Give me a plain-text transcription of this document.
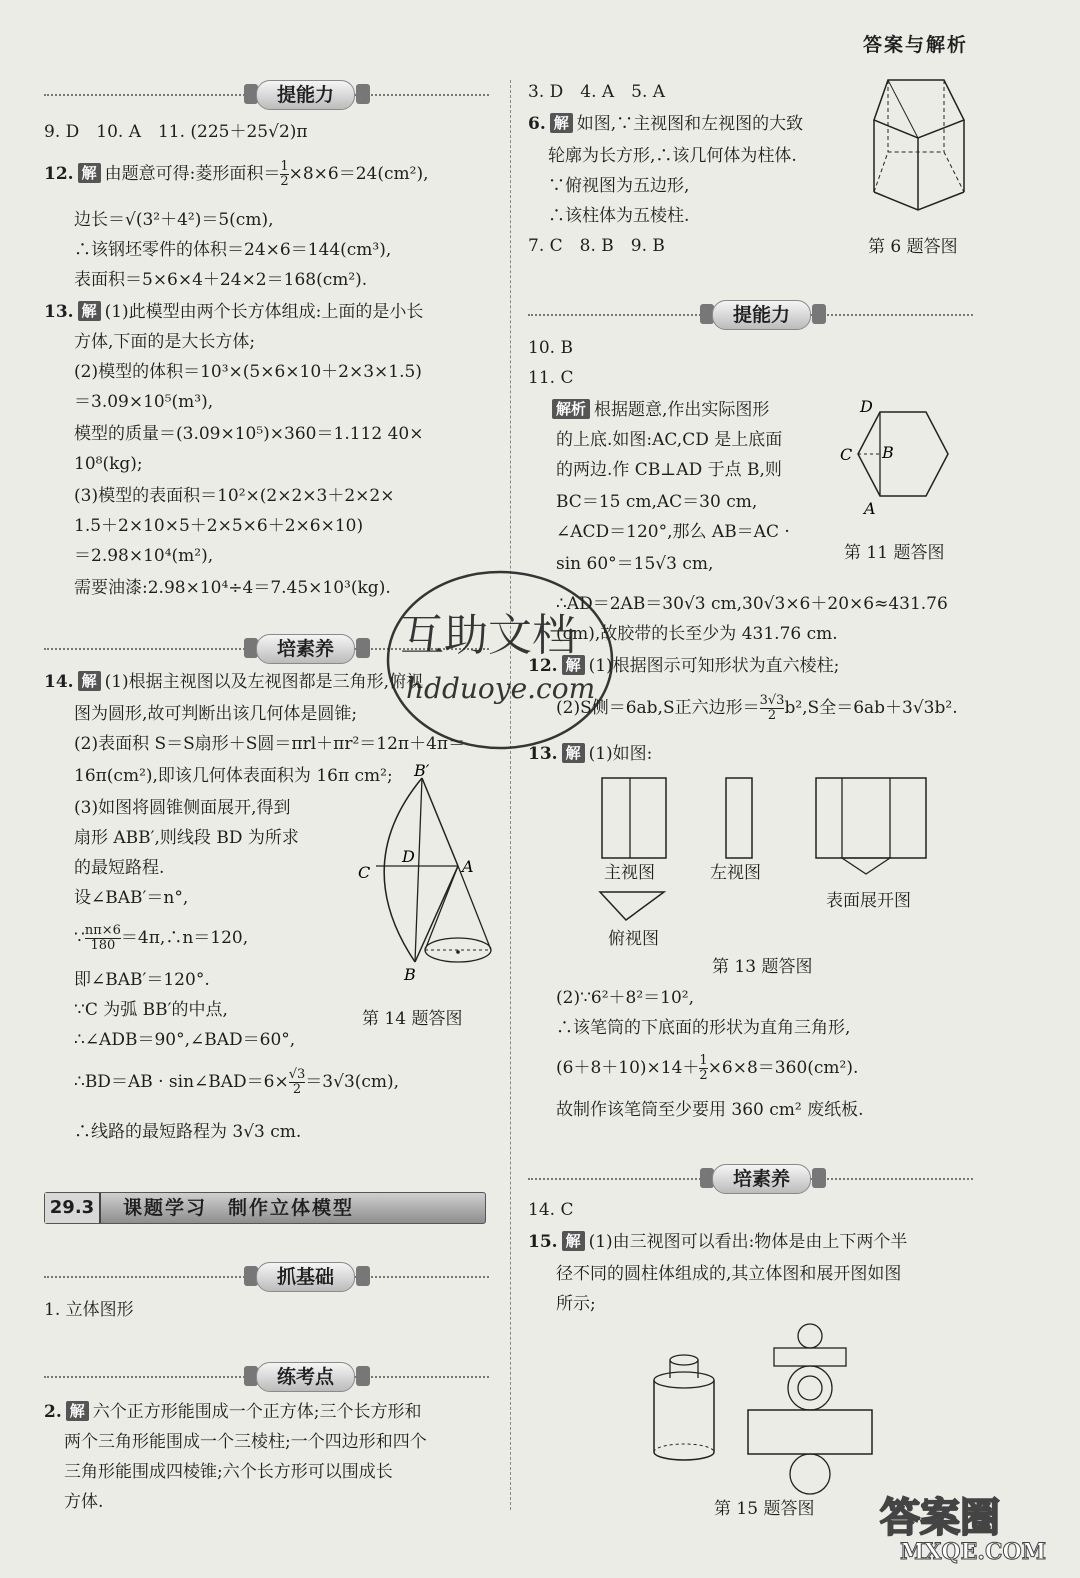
答案与解析
提能力
9. D　10. A　11. (225＋25√2)π
12. 解 由题意可得:菱形面积＝ $\frac{1}{2} \times 8\times 6=24(cm^2)$,
边长＝√(3²＋4²)＝5(cm),
∴该钢坯零件的体积＝24×6＝144(cm³),
表面积＝5×6×4＋24×2＝168(cm²).
13. 解 (1)此模型由两个长方体组成:上面的是小长
方体,下面的是大长方体;
(2)模型的体积＝10³×(5×6×10＋2×3×1.5)
＝3.09×10⁵(m³),
模型的质量＝(3.09×10⁵)×360＝1.112 40×
10⁸(kg);
(3)模型的表面积＝10²×(2×2×3＋2×2×
1.5＋2×10×5＋2×5×6＋2×6×10)
＝2.98×10⁴(m²),
需要油漆:2.98×10⁴÷4＝7.45×10³(kg).
培素养
14. 解 (1)根据主视图以及左视图都是三角形,俯视
图为圆形,故可判断出该几何体是圆锥;
(2)表面积 S＝S扇形＋S圆＝πrl＋πr²＝12π＋4π＝
16π(cm²),即该几何体表面积为 16π cm²;
(3)如图将圆锥侧面展开,得到
扇形 ABB′,则线段 BD 为所求
的最短路程.
设∠BAB′＝n°,
∵ $\frac{n\pi\times 6}{180}$ ＝4π,∴n＝120,
即∠BAB′＝120°.
∵C 为弧 BB′的中点,
∴∠ADB＝90°,∠BAD＝60°,
∴BD＝AB · sin∠BAD＝6× $\frac{√3}{2} =3√3(cm)$,
∴线路的最短路程为 3√3 cm.
B′
C
D
A
B
第 14 题答图
29.3	课题学习　制作立体模型
抓基础
1. 立体图形
练考点
2. 解 六个正方形能围成一个正方体;三个长方形和
两个三角形能围成一个三棱柱;一个四边形和四个
三角形能围成四棱锥;六个长方形可以围成长
方体.
3. D　4. A　5. A
6. 解 如图,∵主视图和左视图的大致
轮廓为长方形,∴该几何体为柱体.
∵俯视图为五边形,
∴该柱体为五棱柱.
7. C　8. B　9. B	第 6 题答图
提能力
10. B
11. C
解析 根据题意,作出实际图形
的上底.如图:AC,CD 是上底面
的两边.作 CB⊥AD 于点 B,则
BC＝15 cm,AC＝30 cm,
∠ACD＝120°,那么 AB＝AC ·
sin 60°＝15√3 cm,
∴AD＝2AB＝30√3 cm,30√3×6＋20×6≈431.76
(cm),故胶带的长至少为 431.76 cm.
12. 解 (1)根据图示可知形状为直六棱柱;
(2)S侧＝6ab,S正六边形＝ $\frac{3√3}{2} b^2,S$全＝6ab＋3√3b².
D
C B
A
第 11 题答图
13. 解 (1)如图:
主视图	左视图
表面展开图
俯视图
第 13 题答图
(2)∵6²＋8²＝10²,
∴该笔筒的下底面的形状为直角三角形,
$(6+8+10)\times 14+ \frac{1}{2} \times 6\times 8=360(cm^2)$.
故制作该笔筒至少要用 360 cm² 废纸板.
培素养
14. C
15. 解 (1)由三视图可以看出:物体是由上下两个半
径不同的圆柱体组成的,其立体图和展开图如图
所示;
第 15 题答图
互助文档
hdduoye.com
答案圈
MXQE.COM
